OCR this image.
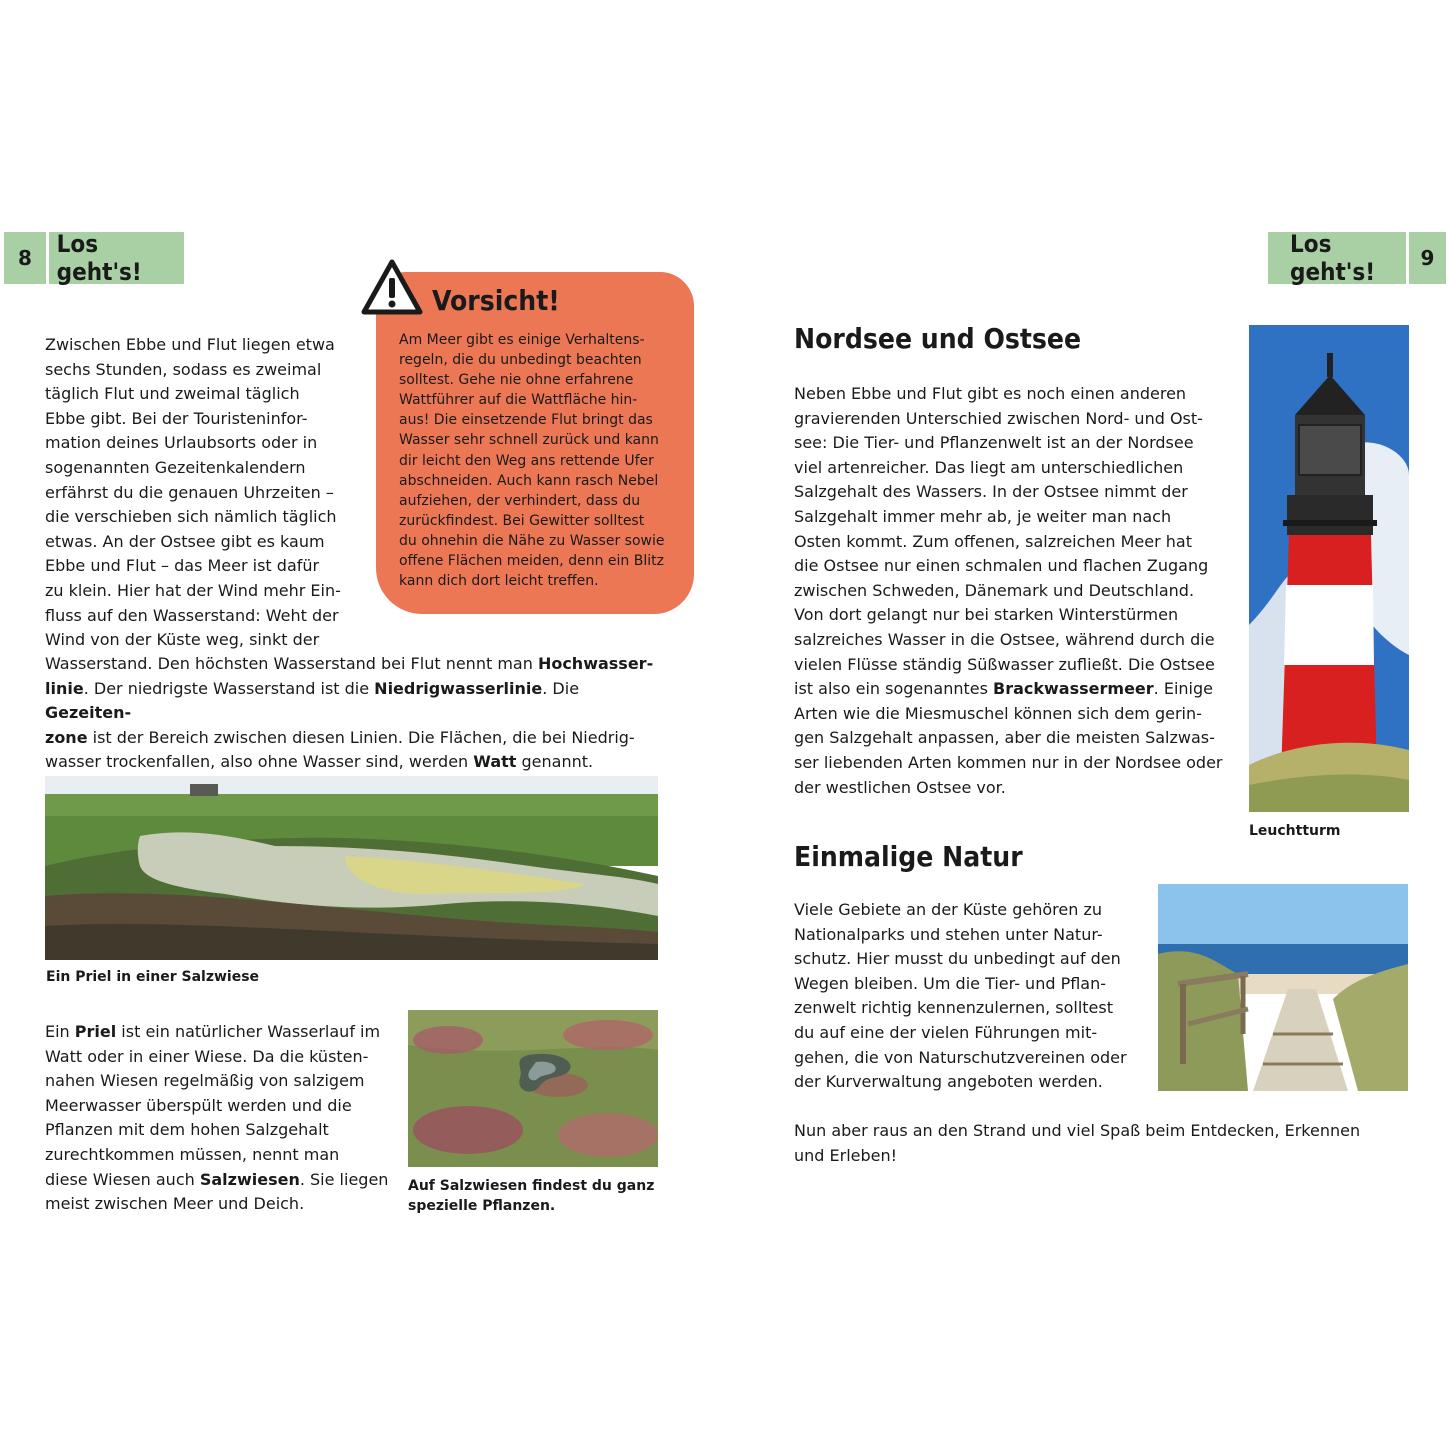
8	Los geht's!
Los geht's!	9
Zwischen Ebbe und Flut liegen etwa
sechs Stunden, sodass es zweimal
täglich Flut und zweimal täglich
Ebbe gibt. Bei der Touristeninfor-
mation deines Urlaubsorts oder in
sogenannten Gezeitenkalendern
erfährst du die genauen Uhrzeiten –
die verschieben sich nämlich täglich
etwas. An der Ostsee gibt es kaum
Ebbe und Flut – das Meer ist dafür
zu klein. Hier hat der Wind mehr Ein-
fluss auf den Wasserstand: Weht der
Wind von der Küste weg, sinkt der
Wasserstand. Den höchsten Wasserstand bei Flut nennt man Hochwasser-
linie. Der niedrigste Wasserstand ist die Niedrigwasserlinie. Die Gezeiten-
zone ist der Bereich zwischen diesen Linien. Die Flächen, die bei Niedrig-
wasser trockenfallen, also ohne Wasser sind, werden Watt genannt.
Vorsicht!
Am Meer gibt es einige Verhaltens-
regeln, die du unbedingt beachten
solltest. Gehe nie ohne erfahrene
Wattführer auf die Wattfläche hin-
aus! Die einsetzende Flut bringt das
Wasser sehr schnell zurück und kann
dir leicht den Weg ans rettende Ufer
abschneiden. Auch kann rasch Nebel
aufziehen, der verhindert, dass du
zurückfindest. Bei Gewitter solltest
du ohnehin die Nähe zu Wasser sowie
offene Flächen meiden, denn ein Blitz
kann dich dort leicht treffen.
Ein Priel in einer Salzwiese
Ein Priel ist ein natürlicher Wasserlauf im
Watt oder in einer Wiese. Da die küsten-
nahen Wiesen regelmäßig von salzigem
Meerwasser überspült werden und die
Pflanzen mit dem hohen Salzgehalt
zurechtkommen müssen, nennt man
diese Wiesen auch Salzwiesen. Sie liegen
meist zwischen Meer und Deich.
Auf Salzwiesen findest du ganz
spezielle Pflanzen.
Nordsee und Ostsee
Neben Ebbe und Flut gibt es noch einen anderen
gravierenden Unterschied zwischen Nord- und Ost-
see: Die Tier- und Pflanzenwelt ist an der Nordsee
viel artenreicher. Das liegt am unterschiedlichen
Salzgehalt des Wassers. In der Ostsee nimmt der
Salzgehalt immer mehr ab, je weiter man nach
Osten kommt. Zum offenen, salzreichen Meer hat
die Ostsee nur einen schmalen und flachen Zugang
zwischen Schweden, Dänemark und Deutschland.
Von dort gelangt nur bei starken Winterstürmen
salzreiches Wasser in die Ostsee, während durch die
vielen Flüsse ständig Süßwasser zufließt. Die Ostsee
ist also ein sogenanntes Brackwassermeer. Einige
Arten wie die Miesmuschel können sich dem gerin-
gen Salzgehalt anpassen, aber die meisten Salzwas-
ser liebenden Arten kommen nur in der Nordsee oder
der westlichen Ostsee vor.
Leuchtturm
Einmalige Natur
Viele Gebiete an der Küste gehören zu
Nationalparks und stehen unter Natur-
schutz. Hier musst du unbedingt auf den
Wegen bleiben. Um die Tier- und Pflan-
zenwelt richtig kennenzulernen, solltest
du auf eine der vielen Führungen mit-
gehen, die von Naturschutzvereinen oder
der Kurverwaltung angeboten werden.
Nun aber raus an den Strand und viel Spaß beim Entdecken, Erkennen
und Erleben!
